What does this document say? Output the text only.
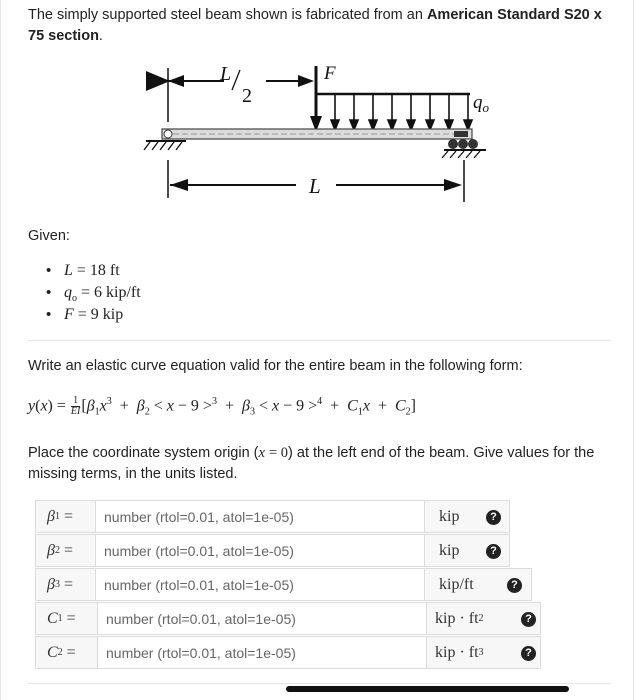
The simply supported steel beam shown is fabricated from an American Standard S20 x 75 section.
L
2
F
$q_o$
L
Given:
• L = 18 ft
• $q_o = 6$ kip/ft
• F = 9 kip
Write an elastic curve equation valid for the entire beam in the following form:
$y(x) = \frac{1}{EI} [\beta_1x^3 + \beta_2 < x - 9 >^3 + \beta_3 < x - 9 >^4 + C_1x + C_2]$
Place the coordinate system origin (x = 0) at the left end of the beam. Give values for the missing terms, in the units listed.
β 1 =	number (rtol=0.01, atol=1e-05)	kip	?
β 2 =	number (rtol=0.01, atol=1e-05)	kip	?
β 3 =	number (rtol=0.01, atol=1e-05)	kip/ft	?
C 1 =	number (rtol=0.01, atol=1e-05)	kip · ft 2	?
C 2 =	number (rtol=0.01, atol=1e-05)	kip · ft 3	?
